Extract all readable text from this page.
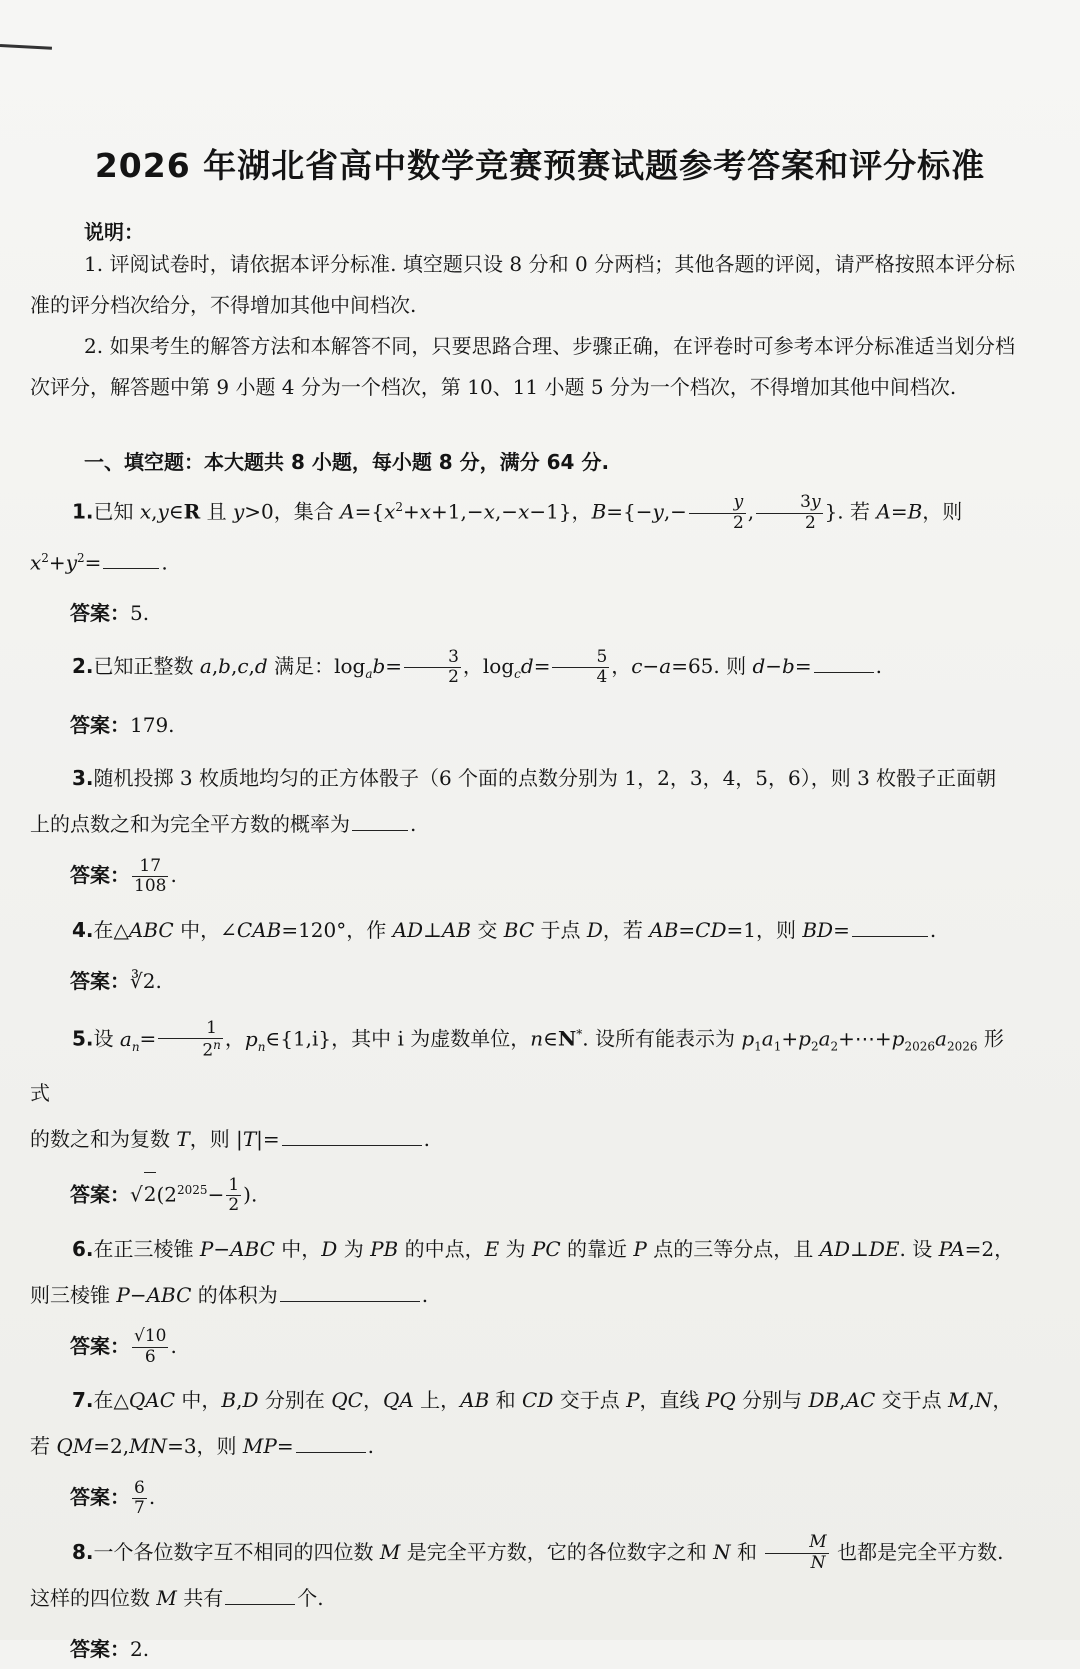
2026 年湖北省高中数学竞赛预赛试题参考答案和评分标准
说明：

1. 评阅试卷时，请依据本评分标准. 填空题只设 8 分和 0 分两档；其他各题的评阅，请严格按照本评分标准的评分档次给分，不得增加其他中间档次.

2. 如果考生的解答方法和本解答不同，只要思路合理、步骤正确，在评卷时可参考本评分标准适当划分档次评分，解答题中第 9 小题 4 分为一个档次，第 10、11 小题 5 分为一个档次，不得增加其他中间档次.

一、填空题：本大题共 8 小题，每小题 8 分，满分 64 分.

1.已知 x,y∈R 且 y>0，集合 $A=\{x^2+x+1,-x,-x-1\}$，$B=\{-y,- \frac{y}{2}$ , $\frac{3y}{2}$ }. 若 A=B，则 $x^2+y^2=$	.

答案：5.

2.已知正整数 a,b,c,d 满足：$\log_ab= \frac{3}{2}$ ，$\log_cd= \frac{5}{4}$ ，c−a=65. 则 d−b=	.

答案：179.

3.随机投掷 3 枚质地均匀的正方体骰子（6 个面的点数分别为 1，2，3，4，5，6），则 3 枚骰子正面朝上的点数之和为完全平方数的概率为	.

答案： $\frac{17}{108}$ .

4.在△ABC 中，∠CAB=120°，作 AD⊥AB 交 BC 于点 D，若 AB=CD=1，则 BD=	.

答案：∛2.

5.设 $a_n= \frac{1}{2^n}$ ，$p_n\in\{1,i\}$，其中 i 为虚数单位，n∈N*. 设所有能表示为 $p_1a_1+p_2a_2+\cdots+p_{2026}a_{2026}$ 形式

的数之和为复数 T，则 |T|=	.

答案：$√2(2^{2025}- \frac{1}{2}$ ).

6.在正三棱锥 P−ABC 中，D 为 PB 的中点，E 为 PC 的靠近 P 点的三等分点，且 AD⊥DE. 设 PA=2，

则三棱锥 P−ABC 的体积为	.

答案： $\frac{√10}{6}$ .

7.在△QAC 中，B,D 分别在 QC，QA 上，AB 和 CD 交于点 P，直线 PQ 分别与 DB,AC 交于点 M,N，

若 QM=2,MN=3，则 MP=	.

答案： $\frac{6}{7}$ .

8.一个各位数字互不相同的四位数 M 是完全平方数，它的各位数字之和 N 和 $\frac{M}{N}$ 也都是完全平方数.

这样的四位数 M 共有	个.

答案：2.
